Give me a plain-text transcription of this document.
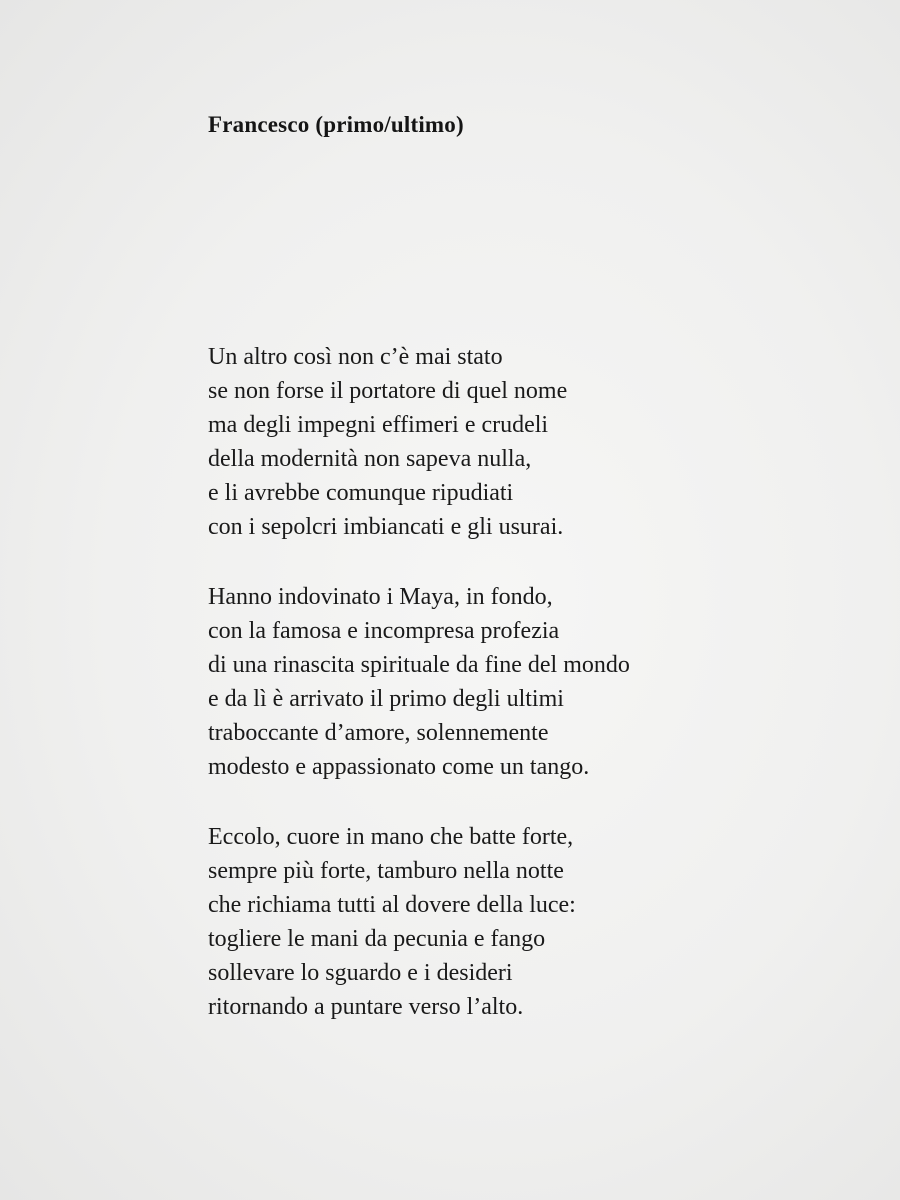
Francesco (primo/ultimo)
Un altro così non c’è mai stato
se non forse il portatore di quel nome
ma degli impegni effimeri e crudeli
della modernità non sapeva nulla,
e li avrebbe comunque ripudiati
con i sepolcri imbiancati e gli usurai.
Hanno indovinato i Maya, in fondo,
con la famosa e incompresa profezia
di una rinascita spirituale da fine del mondo
e da lì è arrivato il primo degli ultimi
traboccante d’amore, solennemente
modesto e appassionato come un tango.
Eccolo, cuore in mano che batte forte,
sempre più forte, tamburo nella notte
che richiama tutti al dovere della luce:
togliere le mani da pecunia e fango
sollevare lo sguardo e i desideri
ritornando a puntare verso l’alto.
